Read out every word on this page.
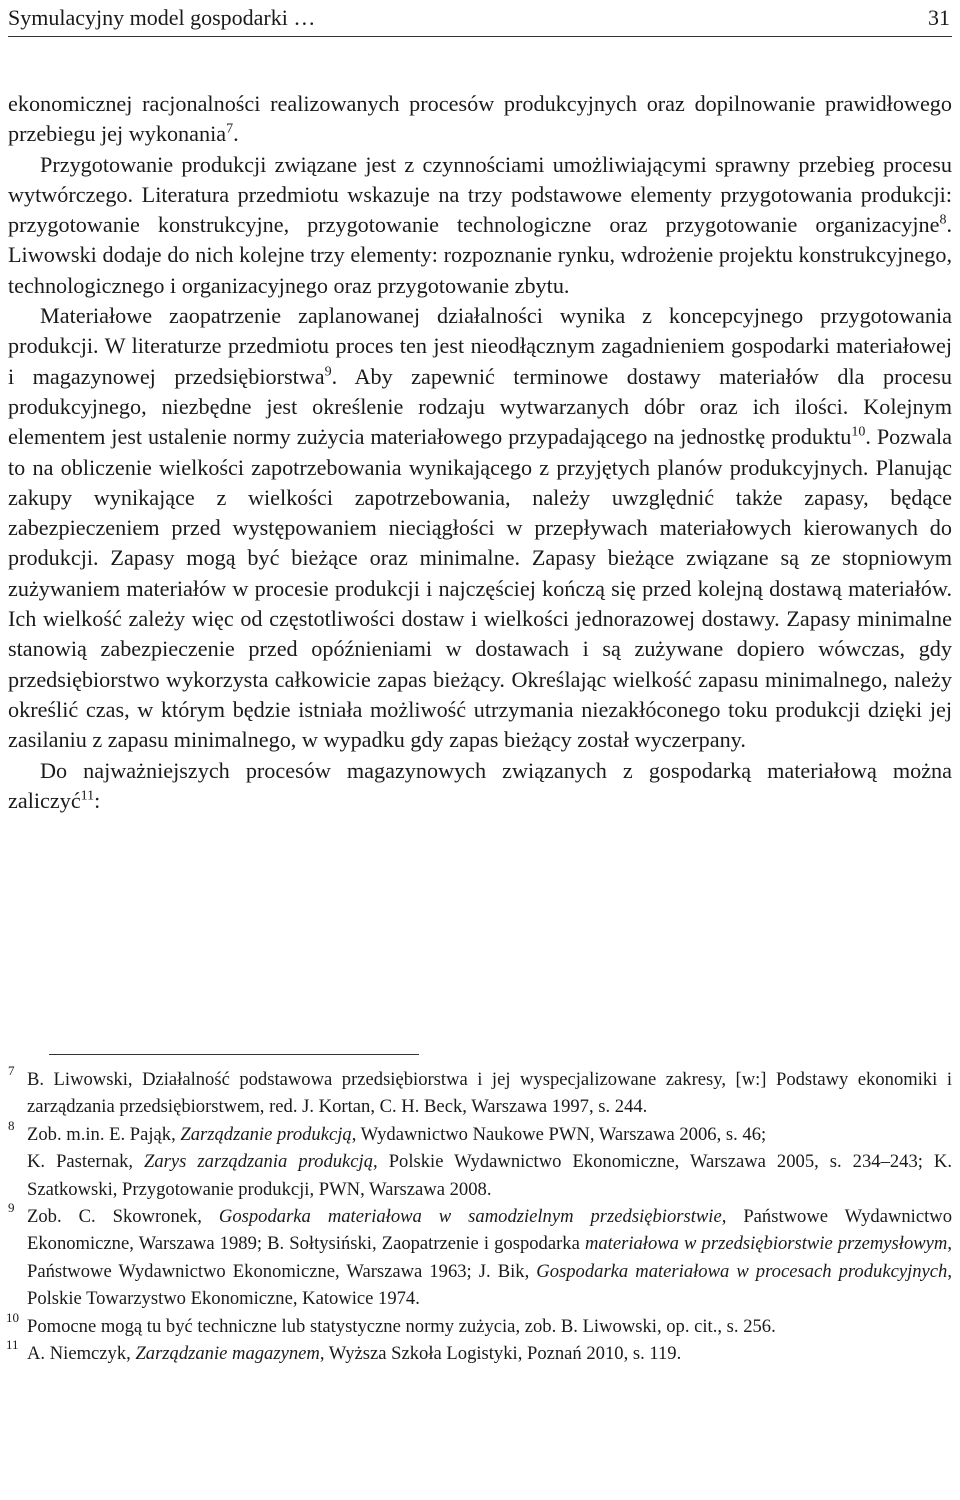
Symulacyjny model gospodarki …	31

ekonomicznej racjonalności realizowanych procesów produkcyjnych oraz dopilnowanie prawidłowego przebiegu jej wykonania$^7$.

Przygotowanie produkcji związane jest z czynnościami umożliwiającymi sprawny przebieg procesu wytwórczego. Literatura przedmiotu wskazuje na trzy podstawowe elementy przygotowania produkcji: przygotowanie konstrukcyjne, przygotowanie technologiczne oraz przygotowanie organizacyjne$^8$. Liwowski dodaje do nich kolejne trzy elementy: rozpoznanie rynku, wdrożenie projektu konstrukcyjnego, technologicznego i organizacyjnego oraz przygotowanie zbytu.

Materiałowe zaopatrzenie zaplanowanej działalności wynika z koncepcyjnego przygotowania produkcji. W literaturze przedmiotu proces ten jest nieodłącznym zagadnieniem gospodarki materiałowej i magazynowej przedsiębiorstwa$^9$. Aby zapewnić terminowe dostawy materiałów dla procesu produkcyjnego, niezbędne jest określenie rodzaju wytwarzanych dóbr oraz ich ilości. Kolejnym elementem jest ustalenie normy zużycia materiałowego przypadającego na jednostkę produktu$^{10}$. Pozwala to na obliczenie wielkości zapotrzebowania wynikającego z przyjętych planów produkcyjnych. Planując zakupy wynikające z wielkości zapotrzebowania, należy uwzględnić także zapasy, będące zabezpieczeniem przed występowaniem nieciągłości w przepływach materiałowych kierowanych do produkcji. Zapasy mogą być bieżące oraz minimalne. Zapasy bieżące związane są ze stopniowym zużywaniem materiałów w procesie produkcji i najczęściej kończą się przed kolejną dostawą materiałów. Ich wielkość zależy więc od częstotliwości dostaw i wielkości jednorazowej dostawy. Zapasy minimalne stanowią zabezpieczenie przed opóźnieniami w dostawach i są zużywane dopiero wówczas, gdy przedsiębiorstwo wykorzysta całkowicie zapas bieżący. Określając wielkość zapasu minimalnego, należy określić czas, w którym będzie istniała możliwość utrzymania niezakłóconego toku produkcji dzięki jej zasilaniu z zapasu minimalnego, w wypadku gdy zapas bieżący został wyczerpany.

Do najważniejszych procesów magazynowych związanych z gospodarką materiałową można zaliczyć$^{11}$:

7 B. Liwowski, Działalność podstawowa przedsiębiorstwa i jej wyspecjalizowane zakresy, [w:] Podstawy ekonomiki i zarządzania przedsiębiorstwem, red. J. Kortan, C. H. Beck, Warszawa 1997, s. 244.
8 Zob. m.in. E. Pająk, Zarządzanie produkcją, Wydawnictwo Naukowe PWN, Warszawa 2006, s. 46;
K. Pasternak, Zarys zarządzania produkcją, Polskie Wydawnictwo Ekonomiczne, Warszawa 2005, s. 234–243; K. Szatkowski, Przygotowanie produkcji, PWN, Warszawa 2008.
9 Zob. C. Skowronek, Gospodarka materiałowa w samodzielnym przedsiębiorstwie, Państwowe Wydawnictwo Ekonomiczne, Warszawa 1989; B. Sołtysiński, Zaopatrzenie i gospodarka materiałowa w przedsiębiorstwie przemysłowym, Państwowe Wydawnictwo Ekonomiczne, Warszawa 1963; J. Bik, Gospodarka materiałowa w procesach produkcyjnych, Polskie Towarzystwo Ekonomiczne, Katowice 1974.
10 Pomocne mogą tu być techniczne lub statystyczne normy zużycia, zob. B. Liwowski, op. cit., s. 256.
11 A. Niemczyk, Zarządzanie magazynem, Wyższa Szkoła Logistyki, Poznań 2010, s. 119.
